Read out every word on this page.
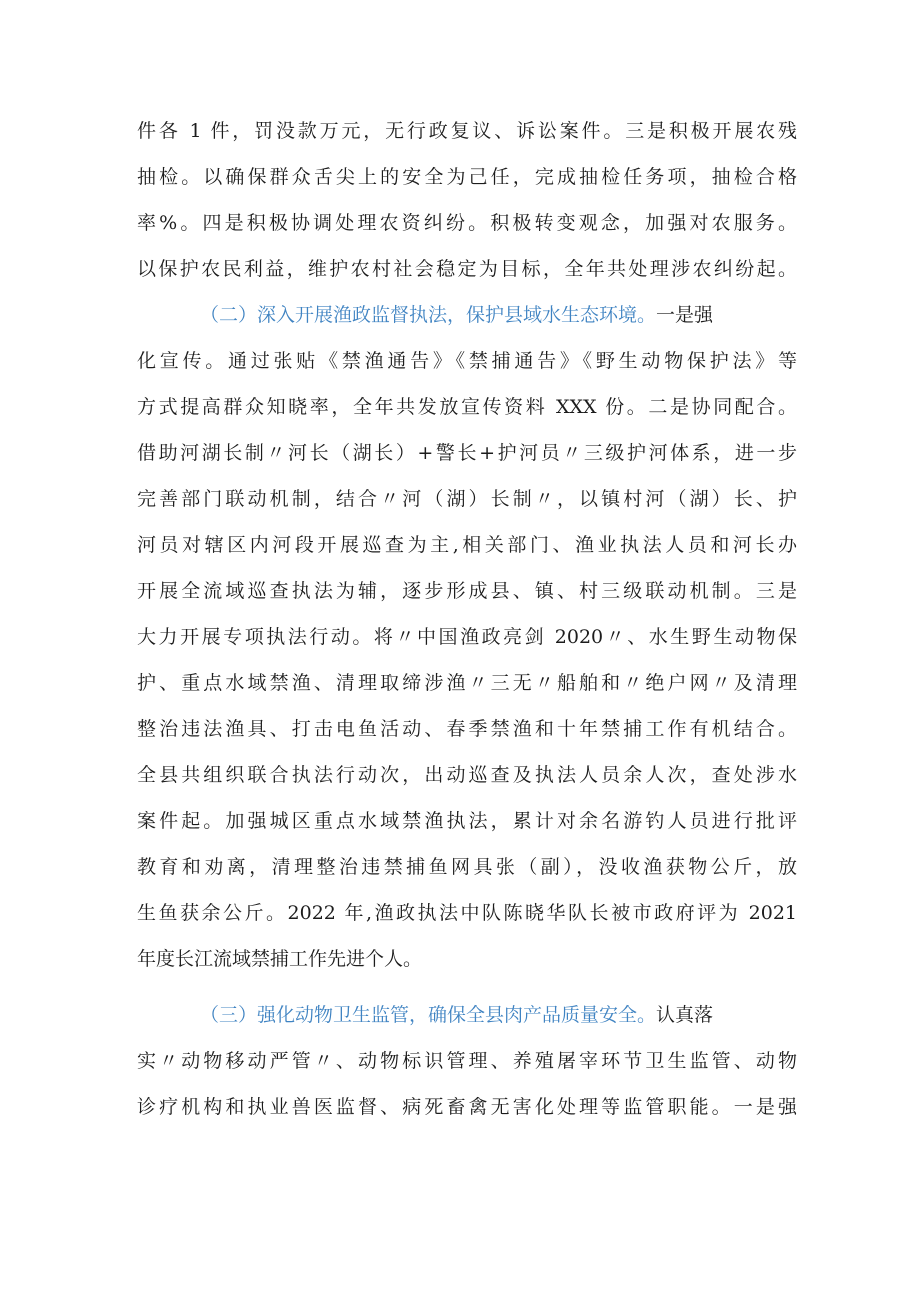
件各 1 件，罚没款万元，无行政复议、诉讼案件。三是积极开展农残
抽检。以确保群众舌尖上的安全为己任，完成抽检任务项，抽检合格
率%。四是积极协调处理农资纠纷。积极转变观念，加强对农服务。
以保护农民利益，维护农村社会稳定为目标，全年共处理涉农纠纷起。
（二）深入开展渔政监督执法，保护县域水生态环境。一是强
化宣传。通过张贴《禁渔通告》《禁捕通告》《野生动物保护法》等
方式提高群众知晓率，全年共发放宣传资料 XXX 份。二是协同配合。
借助河湖长制〃河长（湖长）+警长+护河员〃三级护河体系，进一步
完善部门联动机制，结合〃河（湖）长制〃，以镇村河（湖）长、护
河员对辖区内河段开展巡查为主,相关部门、渔业执法人员和河长办
开展全流域巡查执法为辅，逐步形成县、镇、村三级联动机制。三是
大力开展专项执法行动。将〃中国渔政亮剑 2020〃、水生野生动物保
护、重点水域禁渔、清理取缔涉渔〃三无〃船舶和〃绝户网〃及清理
整治违法渔具、打击电鱼活动、春季禁渔和十年禁捕工作有机结合。
全县共组织联合执法行动次，出动巡查及执法人员余人次，查处涉水
案件起。加强城区重点水域禁渔执法，累计对余名游钓人员进行批评
教育和劝离，清理整治违禁捕鱼网具张（副），没收渔获物公斤，放
生鱼获余公斤。2022 年,渔政执法中队陈晓华队长被市政府评为 2021
年度长江流域禁捕工作先进个人。
（三）强化动物卫生监管，确保全县肉产品质量安全。认真落
实〃动物移动严管〃、动物标识管理、养殖屠宰环节卫生监管、动物
诊疗机构和执业兽医监督、病死畜禽无害化处理等监管职能。一是强
